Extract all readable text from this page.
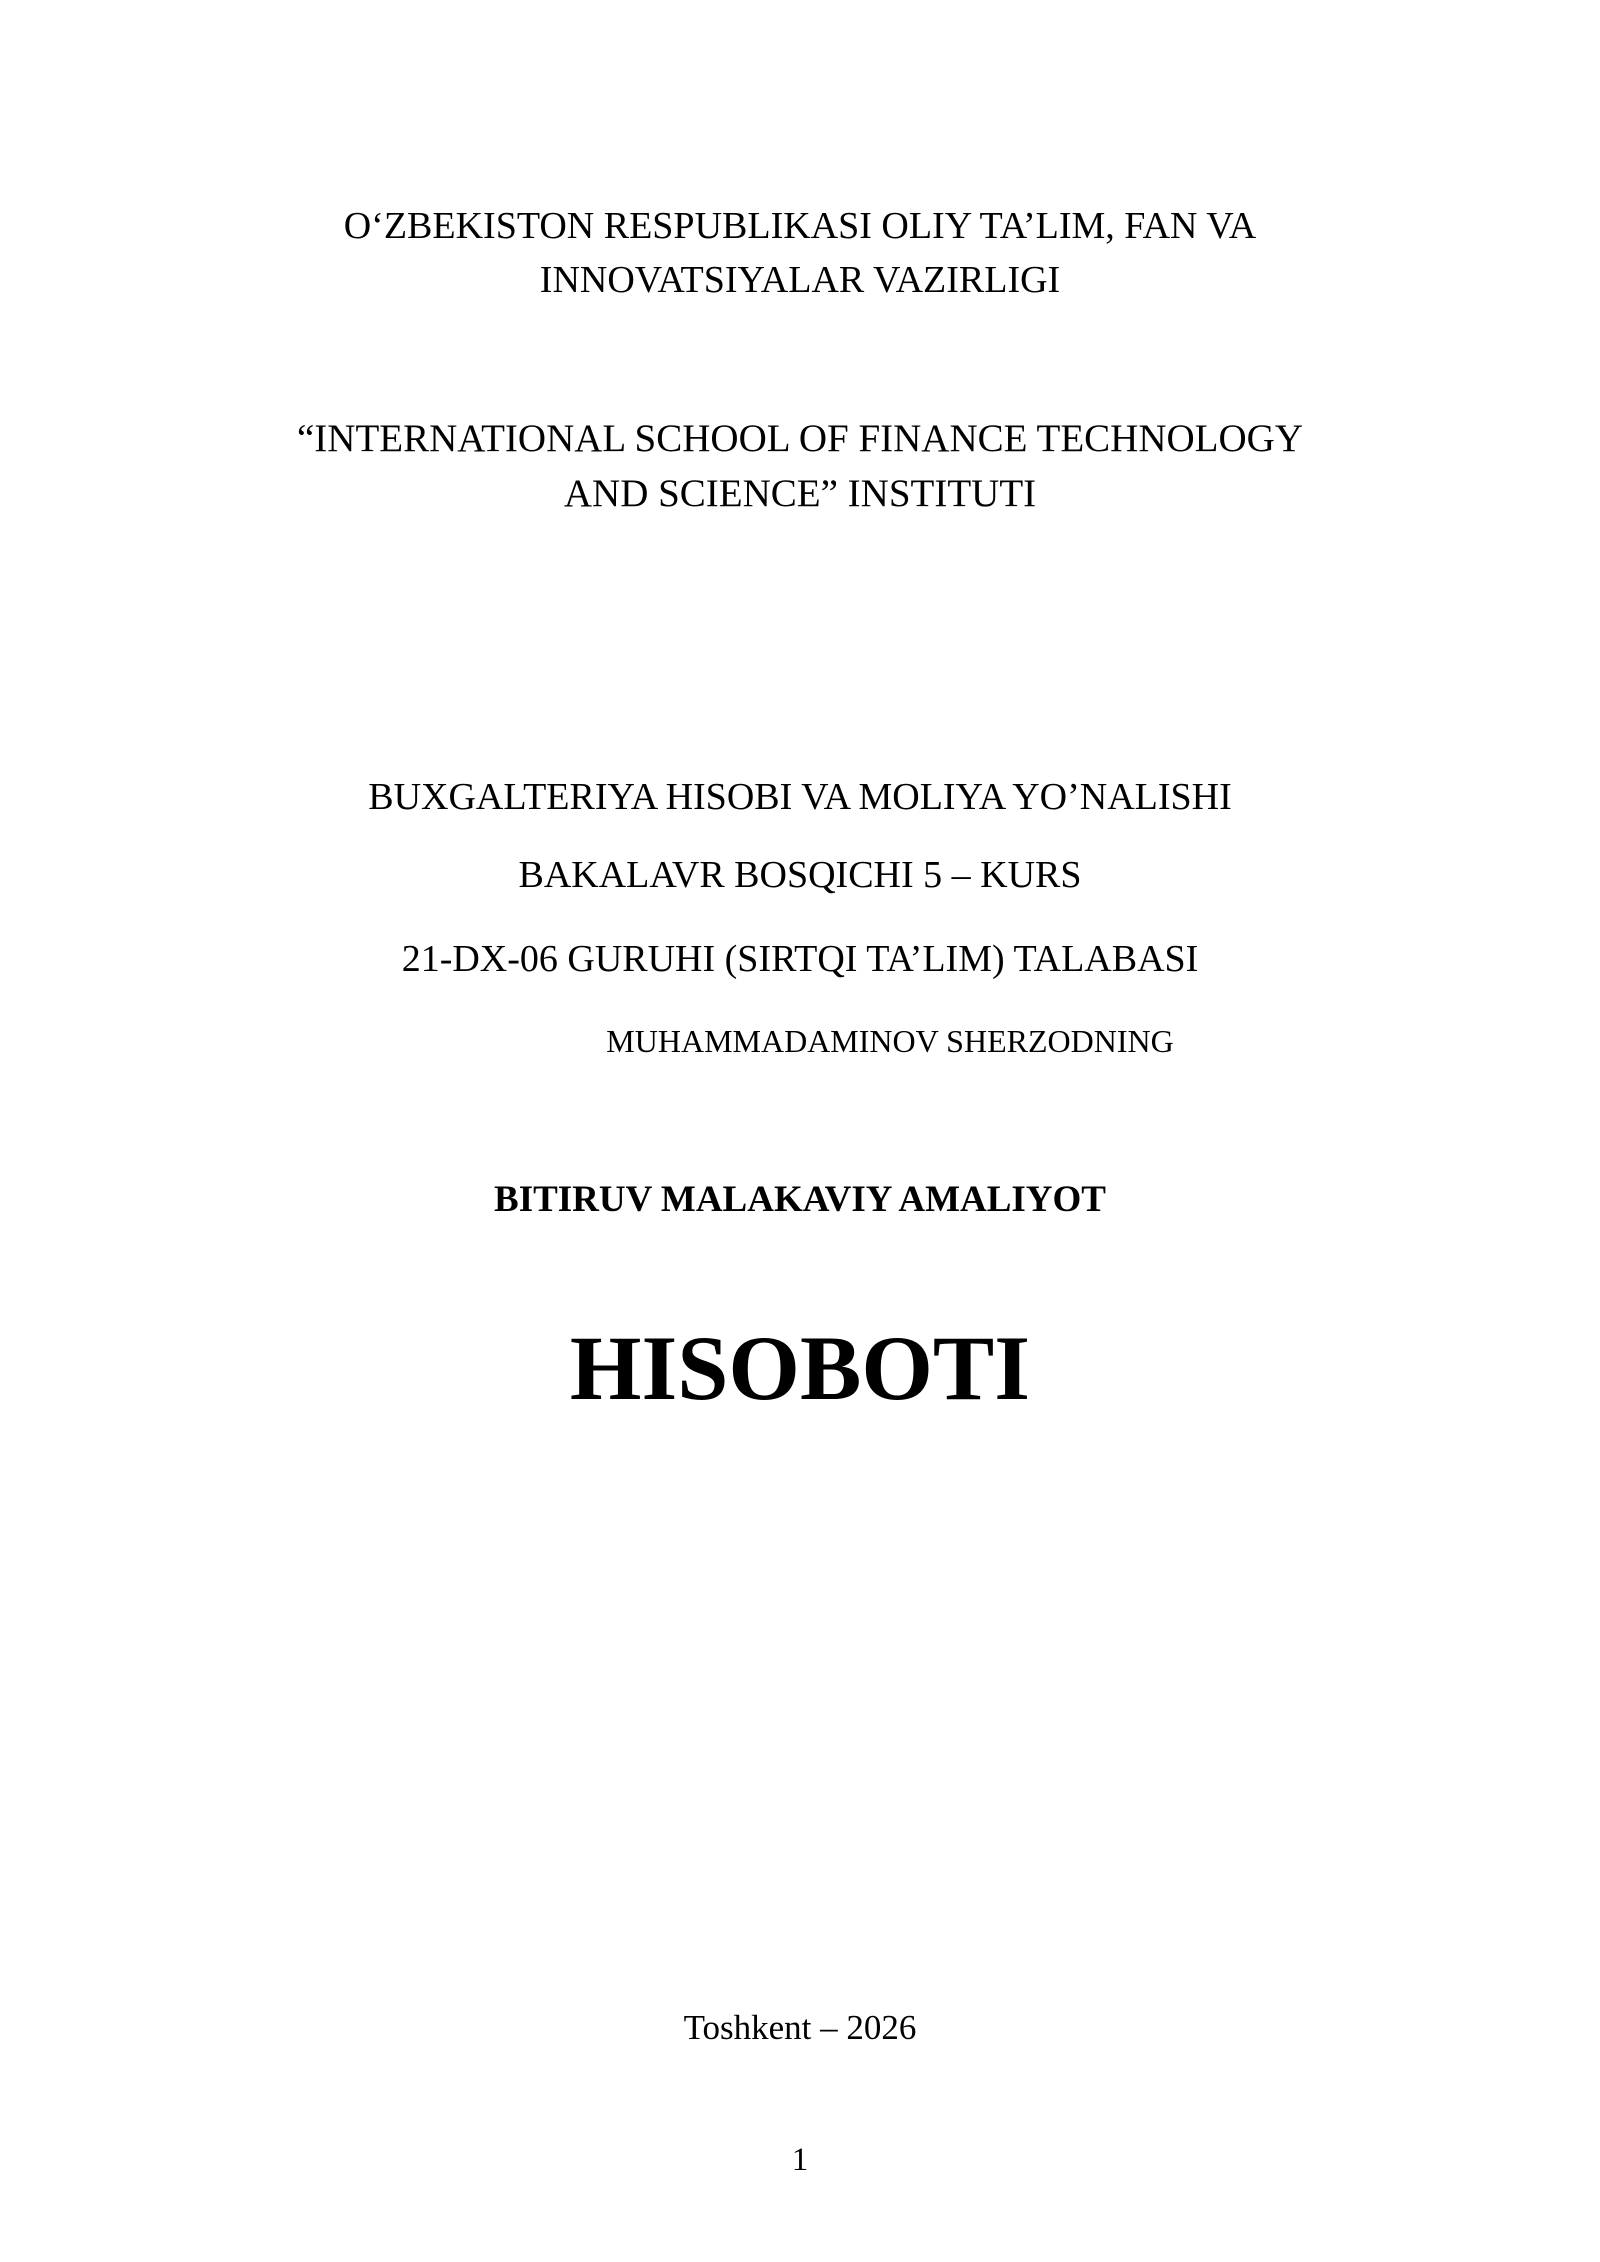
O‘ZBEKISTON RESPUBLIKASI OLIY TA’LIM, FAN VA
INNOVATSIYALAR VAZIRLIGI
“INTERNATIONAL SCHOOL OF FINANCE TECHNOLOGY
AND SCIENCE” INSTITUTI
BUXGALTERIYA HISOBI VA MOLIYA YO’NALISHI
BAKALAVR BOSQICHI 5 – KURS
21-DX-06 GURUHI (SIRTQI TA’LIM) TALABASI
MUHAMMADAMINOV SHERZODNING
BITIRUV MALAKAVIY AMALIYOT
HISOBOTI
Toshkent – 2026
1
